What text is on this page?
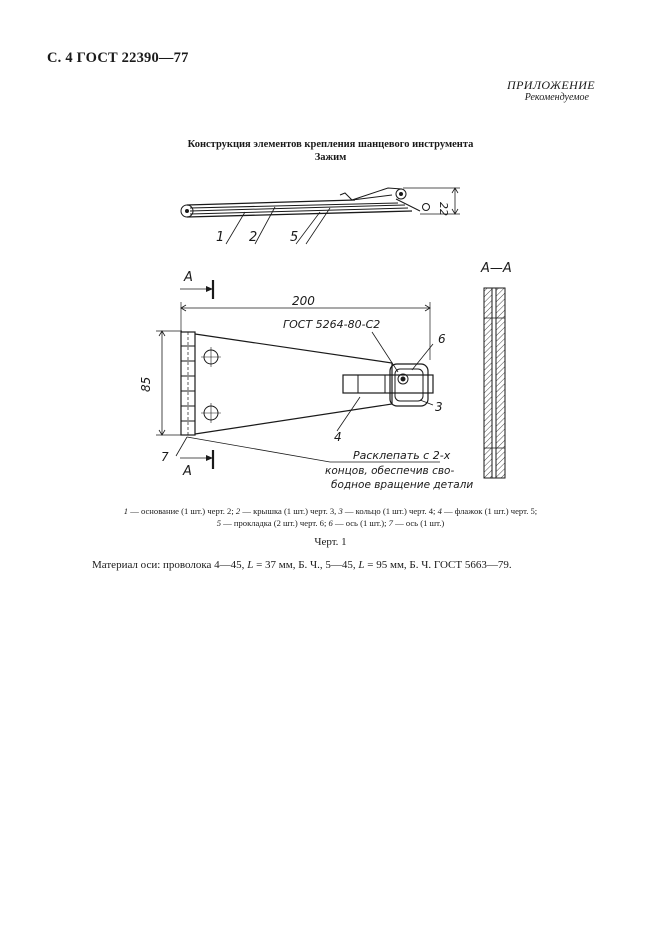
С. 4 ГОСТ 22390—77
ПРИЛОЖЕНИЕ
Рекомендуемое
Конструкция элементов крепления шанцевого инструмента
Зажим
1 2	5
22
А
А
200
85
ГОСТ 5264-80-С2
6
3
4
7	Расклепать с 2-х
концов, обеспечив сво-
бодное вращение детали
А—А
1 — основание (1 шт.) черт. 2; 2 — крышка (1 шт.) черт. 3, 3 — кольцо (1 шт.) черт. 4; 4 — флажок (1 шт.) черт. 5;
5 — прокладка (2 шт.) черт. 6; 6 — ось (1 шт.); 7 — ось (1 шт.)
Черт. 1
Материал оси: проволока 4—45, L = 37 мм, Б. Ч., 5—45, L = 95 мм, Б. Ч. ГОСТ 5663—79.
